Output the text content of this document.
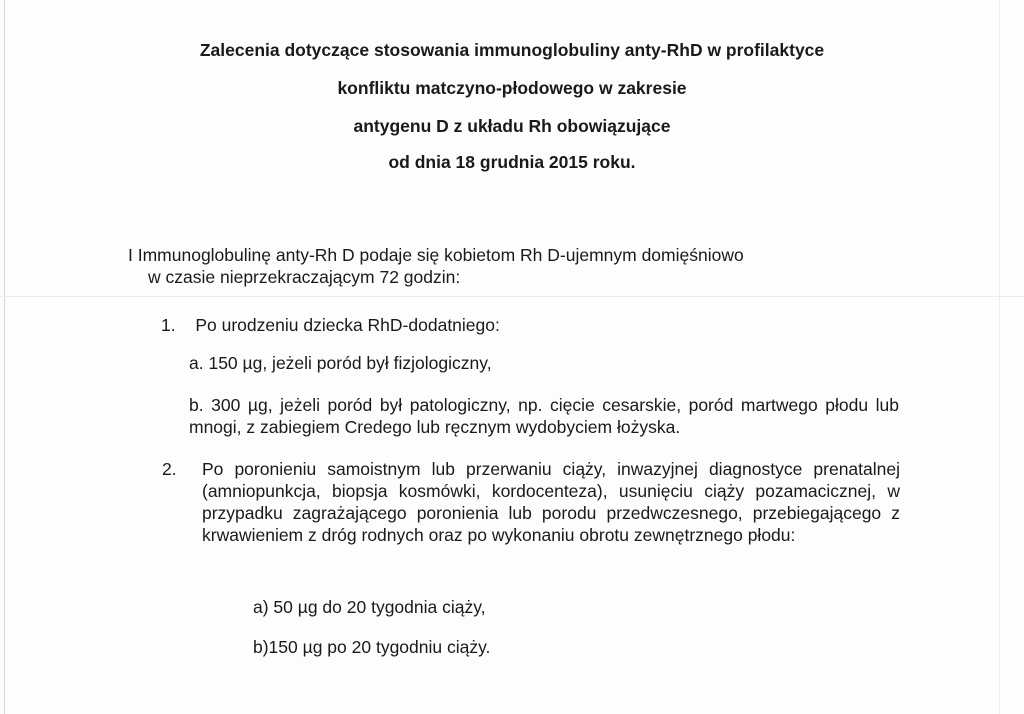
Zalecenia dotyczące stosowania immunoglobuliny anty-RhD w profilaktyce
konfliktu matczyno-płodowego w zakresie
antygenu D z układu Rh obowiązujące
od dnia 18 grudnia 2015 roku.
I Immunoglobulinę anty-Rh D podaje się kobietom Rh D-ujemnym domięśniowo
w czasie nieprzekraczającym 72 godzin:
1. Po urodzeniu dziecka RhD-dodatniego:
a. 150 µg, jeżeli poród był fizjologiczny,
b. 300 µg, jeżeli poród był patologiczny, np. cięcie cesarskie, poród martwego płodu lub mnogi, z zabiegiem Credego lub ręcznym wydobyciem łożyska.
2. Po poronieniu samoistnym lub przerwaniu ciąży, inwazyjnej diagnostyce prenatalnej (amniopunkcja, biopsja kosmówki, kordocenteza), usunięciu ciąży pozamacicznej, w przypadku zagrażającego poronienia lub porodu przedwczesnego, przebiegającego z krwawieniem z dróg rodnych oraz po wykonaniu obrotu zewnętrznego płodu:
a) 50 µg do 20 tygodnia ciąży,
b)150 µg po 20 tygodniu ciąży.
